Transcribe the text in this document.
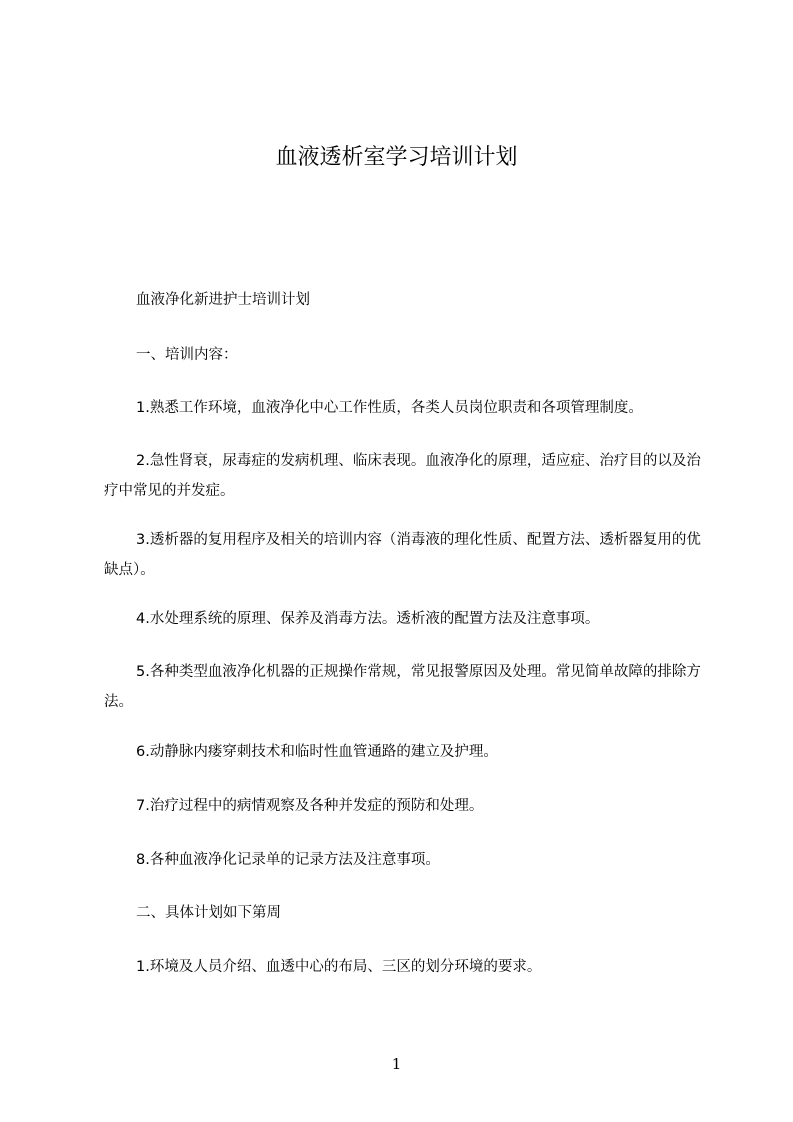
血液透析室学习培训计划

血液净化新进护士培训计划

一、培训内容：

1.熟悉工作环境，血液净化中心工作性质，各类人员岗位职责和各项管理制度。

2.急性肾衰，尿毒症的发病机理、临床表现。血液净化的原理，适应症、治疗目的以及治疗中常见的并发症。

3.透析器的复用程序及相关的培训内容（消毒液的理化性质、配置方法、透析器复用的优缺点）。

4.水处理系统的原理、保养及消毒方法。透析液的配置方法及注意事项。

5.各种类型血液净化机器的正规操作常规，常见报警原因及处理。常见简单故障的排除方法。

6.动静脉内瘘穿刺技术和临时性血管通路的建立及护理。

7.治疗过程中的病情观察及各种并发症的预防和处理。

8.各种血液净化记录单的记录方法及注意事项。

二、具体计划如下第周

1.环境及人员介绍、血透中心的布局、三区的划分环境的要求。

1
